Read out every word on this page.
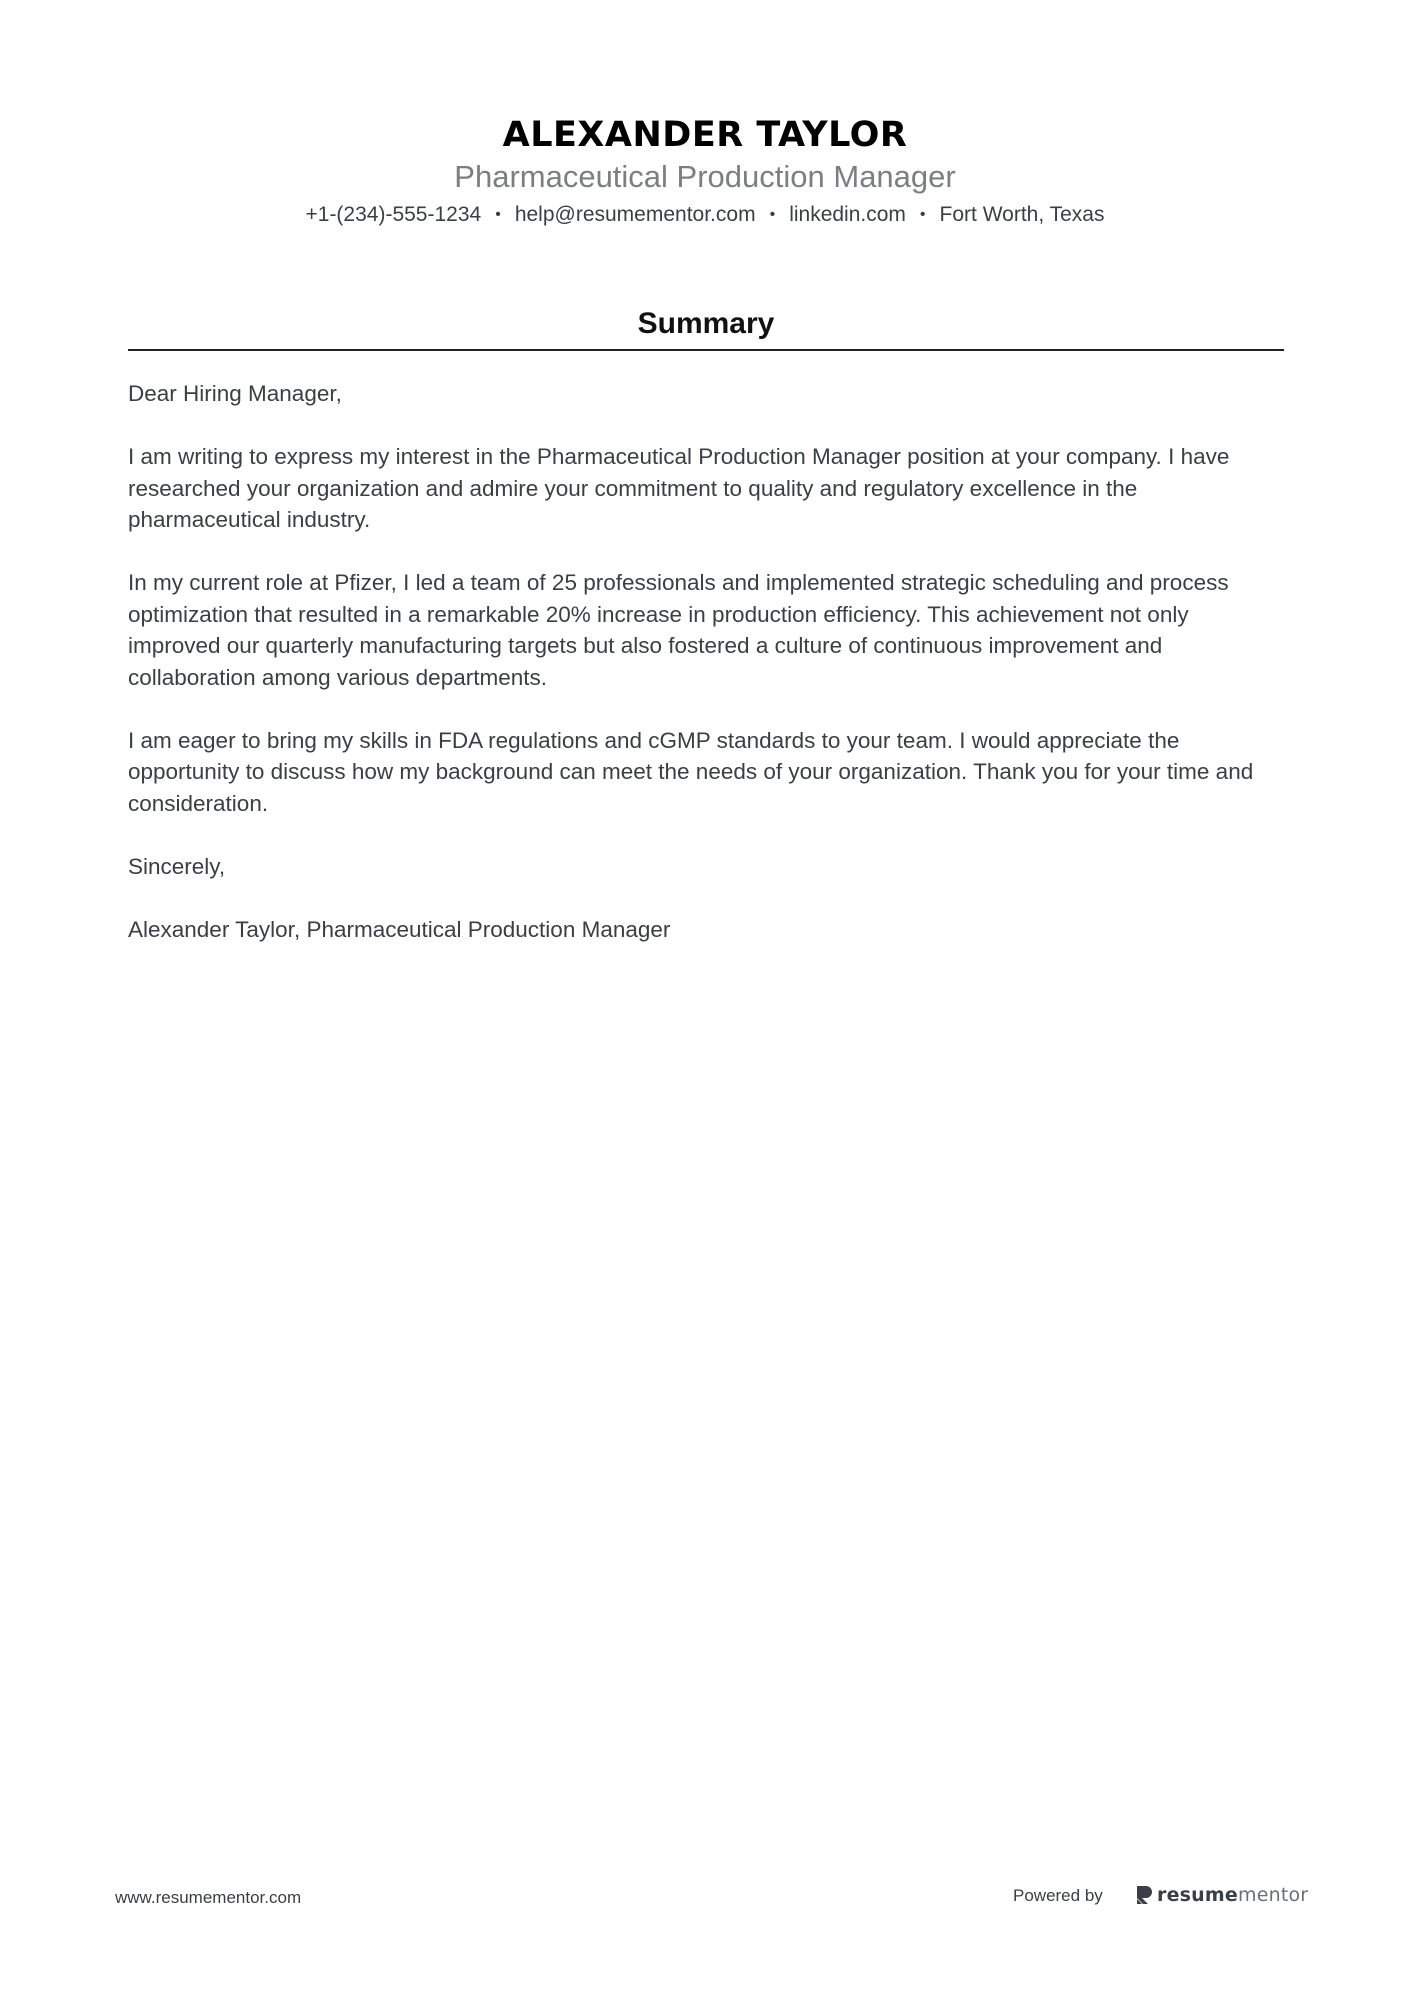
ALEXANDER TAYLOR

Pharmaceutical Production Manager

+1-(234)-555-1234 • help@resumementor.com • linkedin.com • Fort Worth, Texas
Summary

Dear Hiring Manager,

I am writing to express my interest in the Pharmaceutical Production Manager position at your company. I have researched your organization and admire your commitment to quality and regulatory excellence in the pharmaceutical industry.

In my current role at Pfizer, I led a team of 25 professionals and implemented strategic scheduling and process optimization that resulted in a remarkable 20% increase in production efficiency. This achievement not only improved our quarterly manufacturing targets but also fostered a culture of continuous improvement and collaboration among various departments.

I am eager to bring my skills in FDA regulations and cGMP standards to your team. I would appreciate the opportunity to discuss how my background can meet the needs of your organization. Thank you for your time and consideration.

Sincerely,

Alexander Taylor, Pharmaceutical Production Manager

www.resumementor.com	Powered by	resumementor
